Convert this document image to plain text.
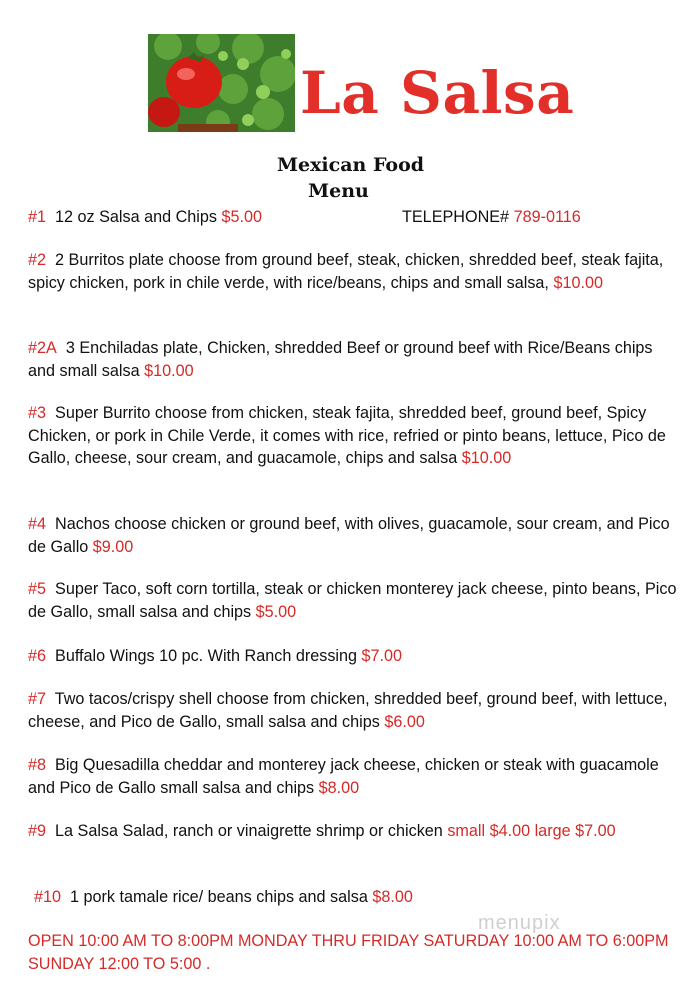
La Salsa
Mexican Food
Menu
TELEPHONE# 789-0116
#1 12 oz Salsa and Chips $5.00
#2 2 Burritos plate choose from ground beef, steak, chicken, shredded beef, steak fajita, spicy chicken, pork in chile verde, with rice/beans, chips and small salsa, $10.00
#2A 3 Enchiladas plate, Chicken, shredded Beef or ground beef with Rice/Beans chips and small salsa $10.00
#3 Super Burrito choose from chicken, steak fajita, shredded beef, ground beef, Spicy Chicken, or pork in Chile Verde, it comes with rice, refried or pinto beans, lettuce, Pico de Gallo, cheese, sour cream, and guacamole, chips and salsa $10.00
#4 Nachos choose chicken or ground beef, with olives, guacamole, sour cream, and Pico de Gallo $9.00
#5 Super Taco, soft corn tortilla, steak or chicken monterey jack cheese, pinto beans, Pico de Gallo, small salsa and chips $5.00
#6 Buffalo Wings 10 pc. With Ranch dressing $7.00
#7 Two tacos/crispy shell choose from chicken, shredded beef, ground beef, with lettuce, cheese, and Pico de Gallo, small salsa and chips $6.00
#8 Big Quesadilla cheddar and monterey jack cheese, chicken or steak with guacamole and Pico de Gallo small salsa and chips $8.00
#9 La Salsa Salad, ranch or vinaigrette shrimp or chicken small $4.00 large $7.00
#10 1 pork tamale rice/ beans chips and salsa $8.00
menupix
OPEN 10:00 AM TO 8:00PM MONDAY THRU FRIDAY SATURDAY 10:00 AM TO 6:00PM SUNDAY 12:00 TO 5:00 .
